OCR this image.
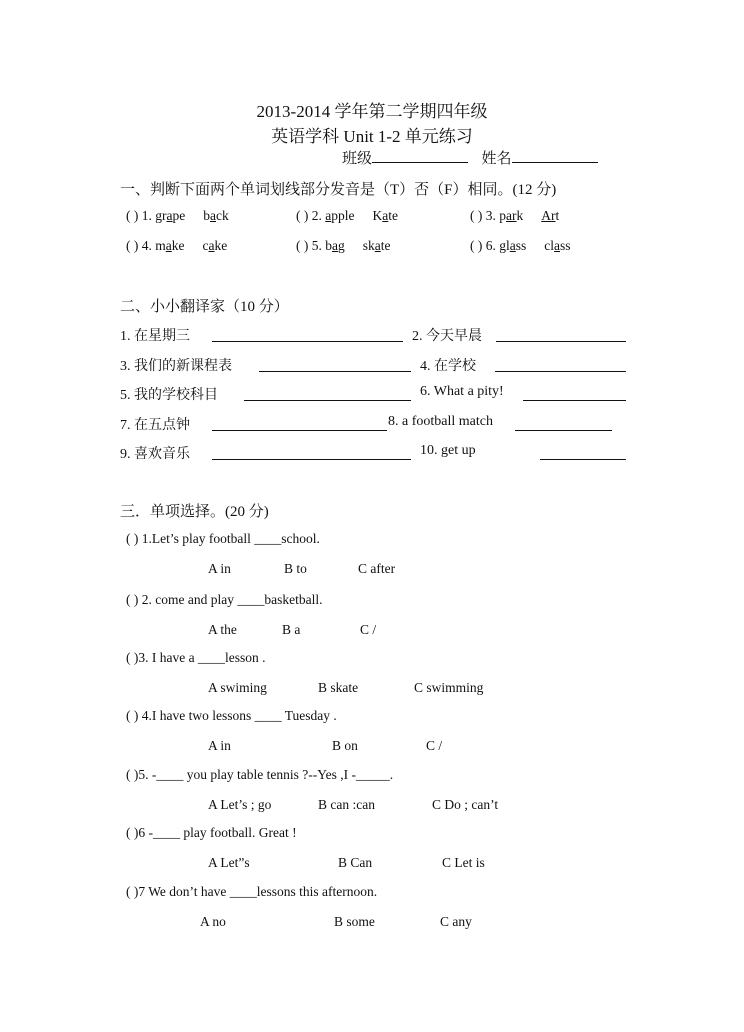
2013-2014 学年第二学期四年级
英语学科 Unit 1-2 单元练习
班级	姓名
一、判断下面两个单词划线部分发音是（T）否（F）相同。(12 分)
( ) 1. grape back	( ) 2. apple Kate	( ) 3. park Art
( ) 4. make cake	( ) 5. bag skate	( ) 6. glass class
二、小小翻译家（10 分）
1. 在星期三	2. 今天早晨
3. 我们的新课程表	4. 在学校
5. 我的学校科目	6. What a pity!
7. 在五点钟	8. a football match
9. 喜欢音乐	10. get up
三．单项选择。(20 分)
( ) 1.Let’s play football ____school.
A in	B to	C after
( ) 2. come and play ____basketball.
A the	B a	C /
( )3. I have a ____lesson .
A swiming	B skate	C swimming
( ) 4.I have two lessons ____ Tuesday .
A in	B on	C /
( )5. -____ you play table tennis ?--Yes ,I -_____.
A Let’s ; go	B can :can	C Do ; can’t
( )6 -____ play football. Great !
A Let”s	B Can	C Let is
( )7 We don’t have ____lessons this afternoon.
A no	B some	C any
